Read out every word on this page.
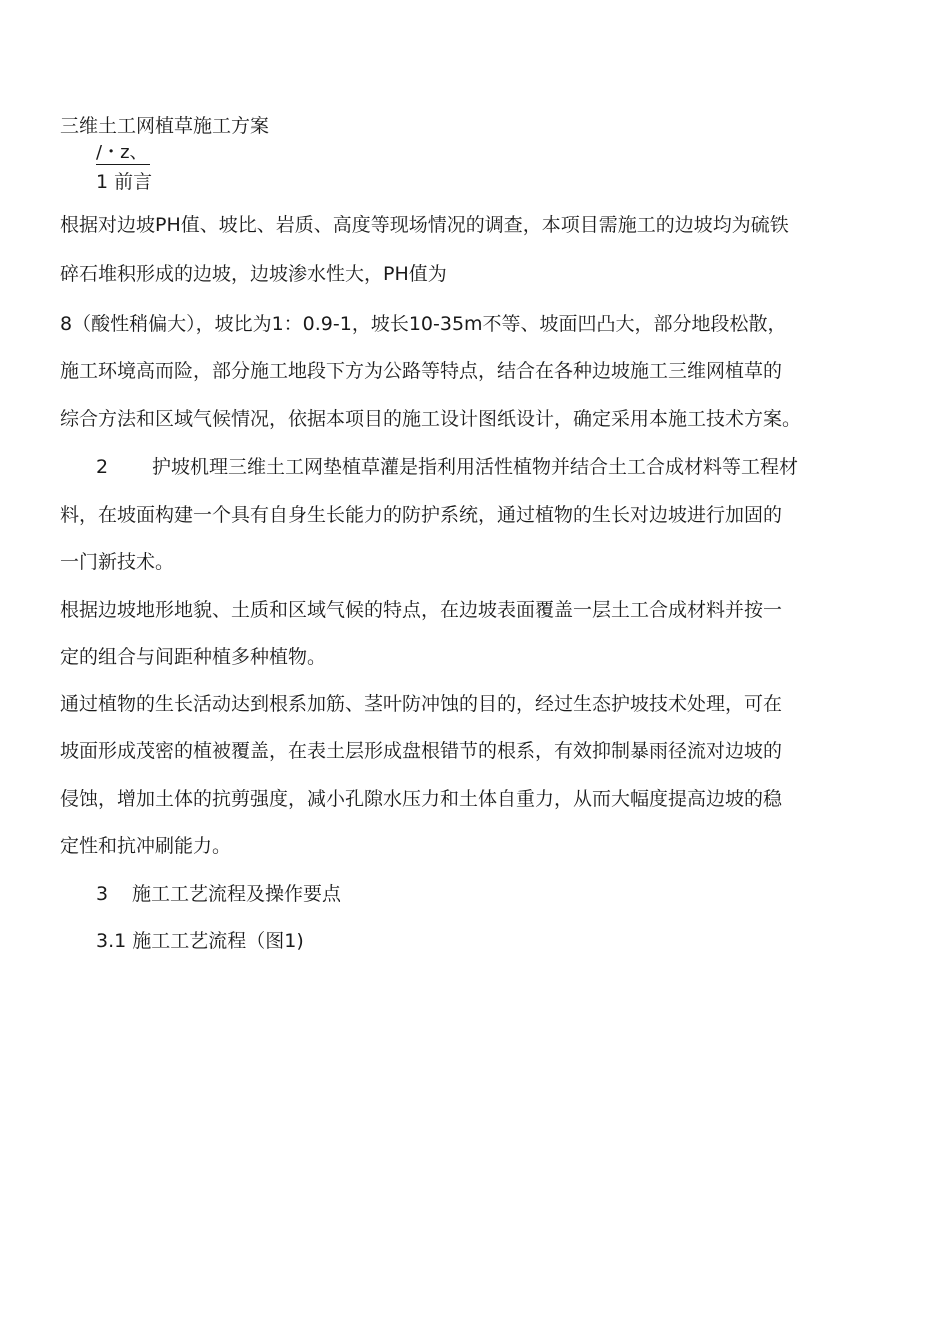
三维土工网植草施工方案
/・z、
1 前言
根据对边坡PH值、坡比、岩质、高度等现场情况的调查，本项目需施工的边坡均为硫铁
碎石堆积形成的边坡，边坡渗水性大，PH值为
8（酸性稍偏大），坡比为1：0.9-1，坡长10-35m不等、坡面凹凸大，部分地段松散，
施工环境高而险，部分施工地段下方为公路等特点，结合在各种边坡施工三维网植草的
综合方法和区域气候情况，依据本项目的施工设计图纸设计，确定采用本施工技术方案。
2 护坡机理三维土工网垫植草灌是指利用活性植物并结合土工合成材料等工程材
料，在坡面构建一个具有自身生长能力的防护系统，通过植物的生长对边坡进行加固的
一门新技术。
根据边坡地形地貌、土质和区域气候的特点，在边坡表面覆盖一层土工合成材料并按一
定的组合与间距种植多种植物。
通过植物的生长活动达到根系加筋、茎叶防冲蚀的目的，经过生态护坡技术处理，可在
坡面形成茂密的植被覆盖，在表土层形成盘根错节的根系，有效抑制暴雨径流对边坡的
侵蚀，增加土体的抗剪强度，减小孔隙水压力和土体自重力，从而大幅度提高边坡的稳
定性和抗冲刷能力。
3 施工工艺流程及操作要点
3.1 施工工艺流程（图1)
